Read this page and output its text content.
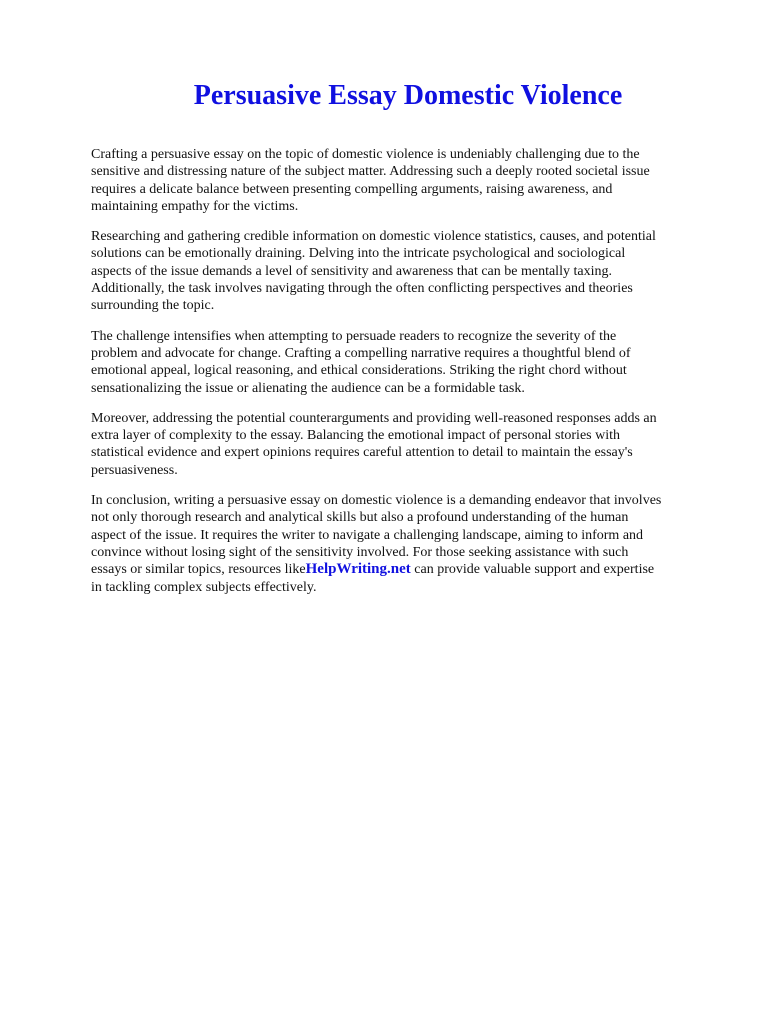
Persuasive Essay Domestic Violence

Crafting a persuasive essay on the topic of domestic violence is undeniably challenging due to the
sensitive and distressing nature of the subject matter. Addressing such a deeply rooted societal issue
requires a delicate balance between presenting compelling arguments, raising awareness, and
maintaining empathy for the victims.

Researching and gathering credible information on domestic violence statistics, causes, and potential
solutions can be emotionally draining. Delving into the intricate psychological and sociological
aspects of the issue demands a level of sensitivity and awareness that can be mentally taxing.
Additionally, the task involves navigating through the often conflicting perspectives and theories
surrounding the topic.

The challenge intensifies when attempting to persuade readers to recognize the severity of the
problem and advocate for change. Crafting a compelling narrative requires a thoughtful blend of
emotional appeal, logical reasoning, and ethical considerations. Striking the right chord without
sensationalizing the issue or alienating the audience can be a formidable task.

Moreover, addressing the potential counterarguments and providing well-reasoned responses adds an
extra layer of complexity to the essay. Balancing the emotional impact of personal stories with
statistical evidence and expert opinions requires careful attention to detail to maintain the essay's
persuasiveness.

In conclusion, writing a persuasive essay on domestic violence is a demanding endeavor that involves
not only thorough research and analytical skills but also a profound understanding of the human
aspect of the issue. It requires the writer to navigate a challenging landscape, aiming to inform and
convince without losing sight of the sensitivity involved. For those seeking assistance with such
essays or similar topics, resources likeHelpWriting.net can provide valuable support and expertise
in tackling complex subjects effectively.
